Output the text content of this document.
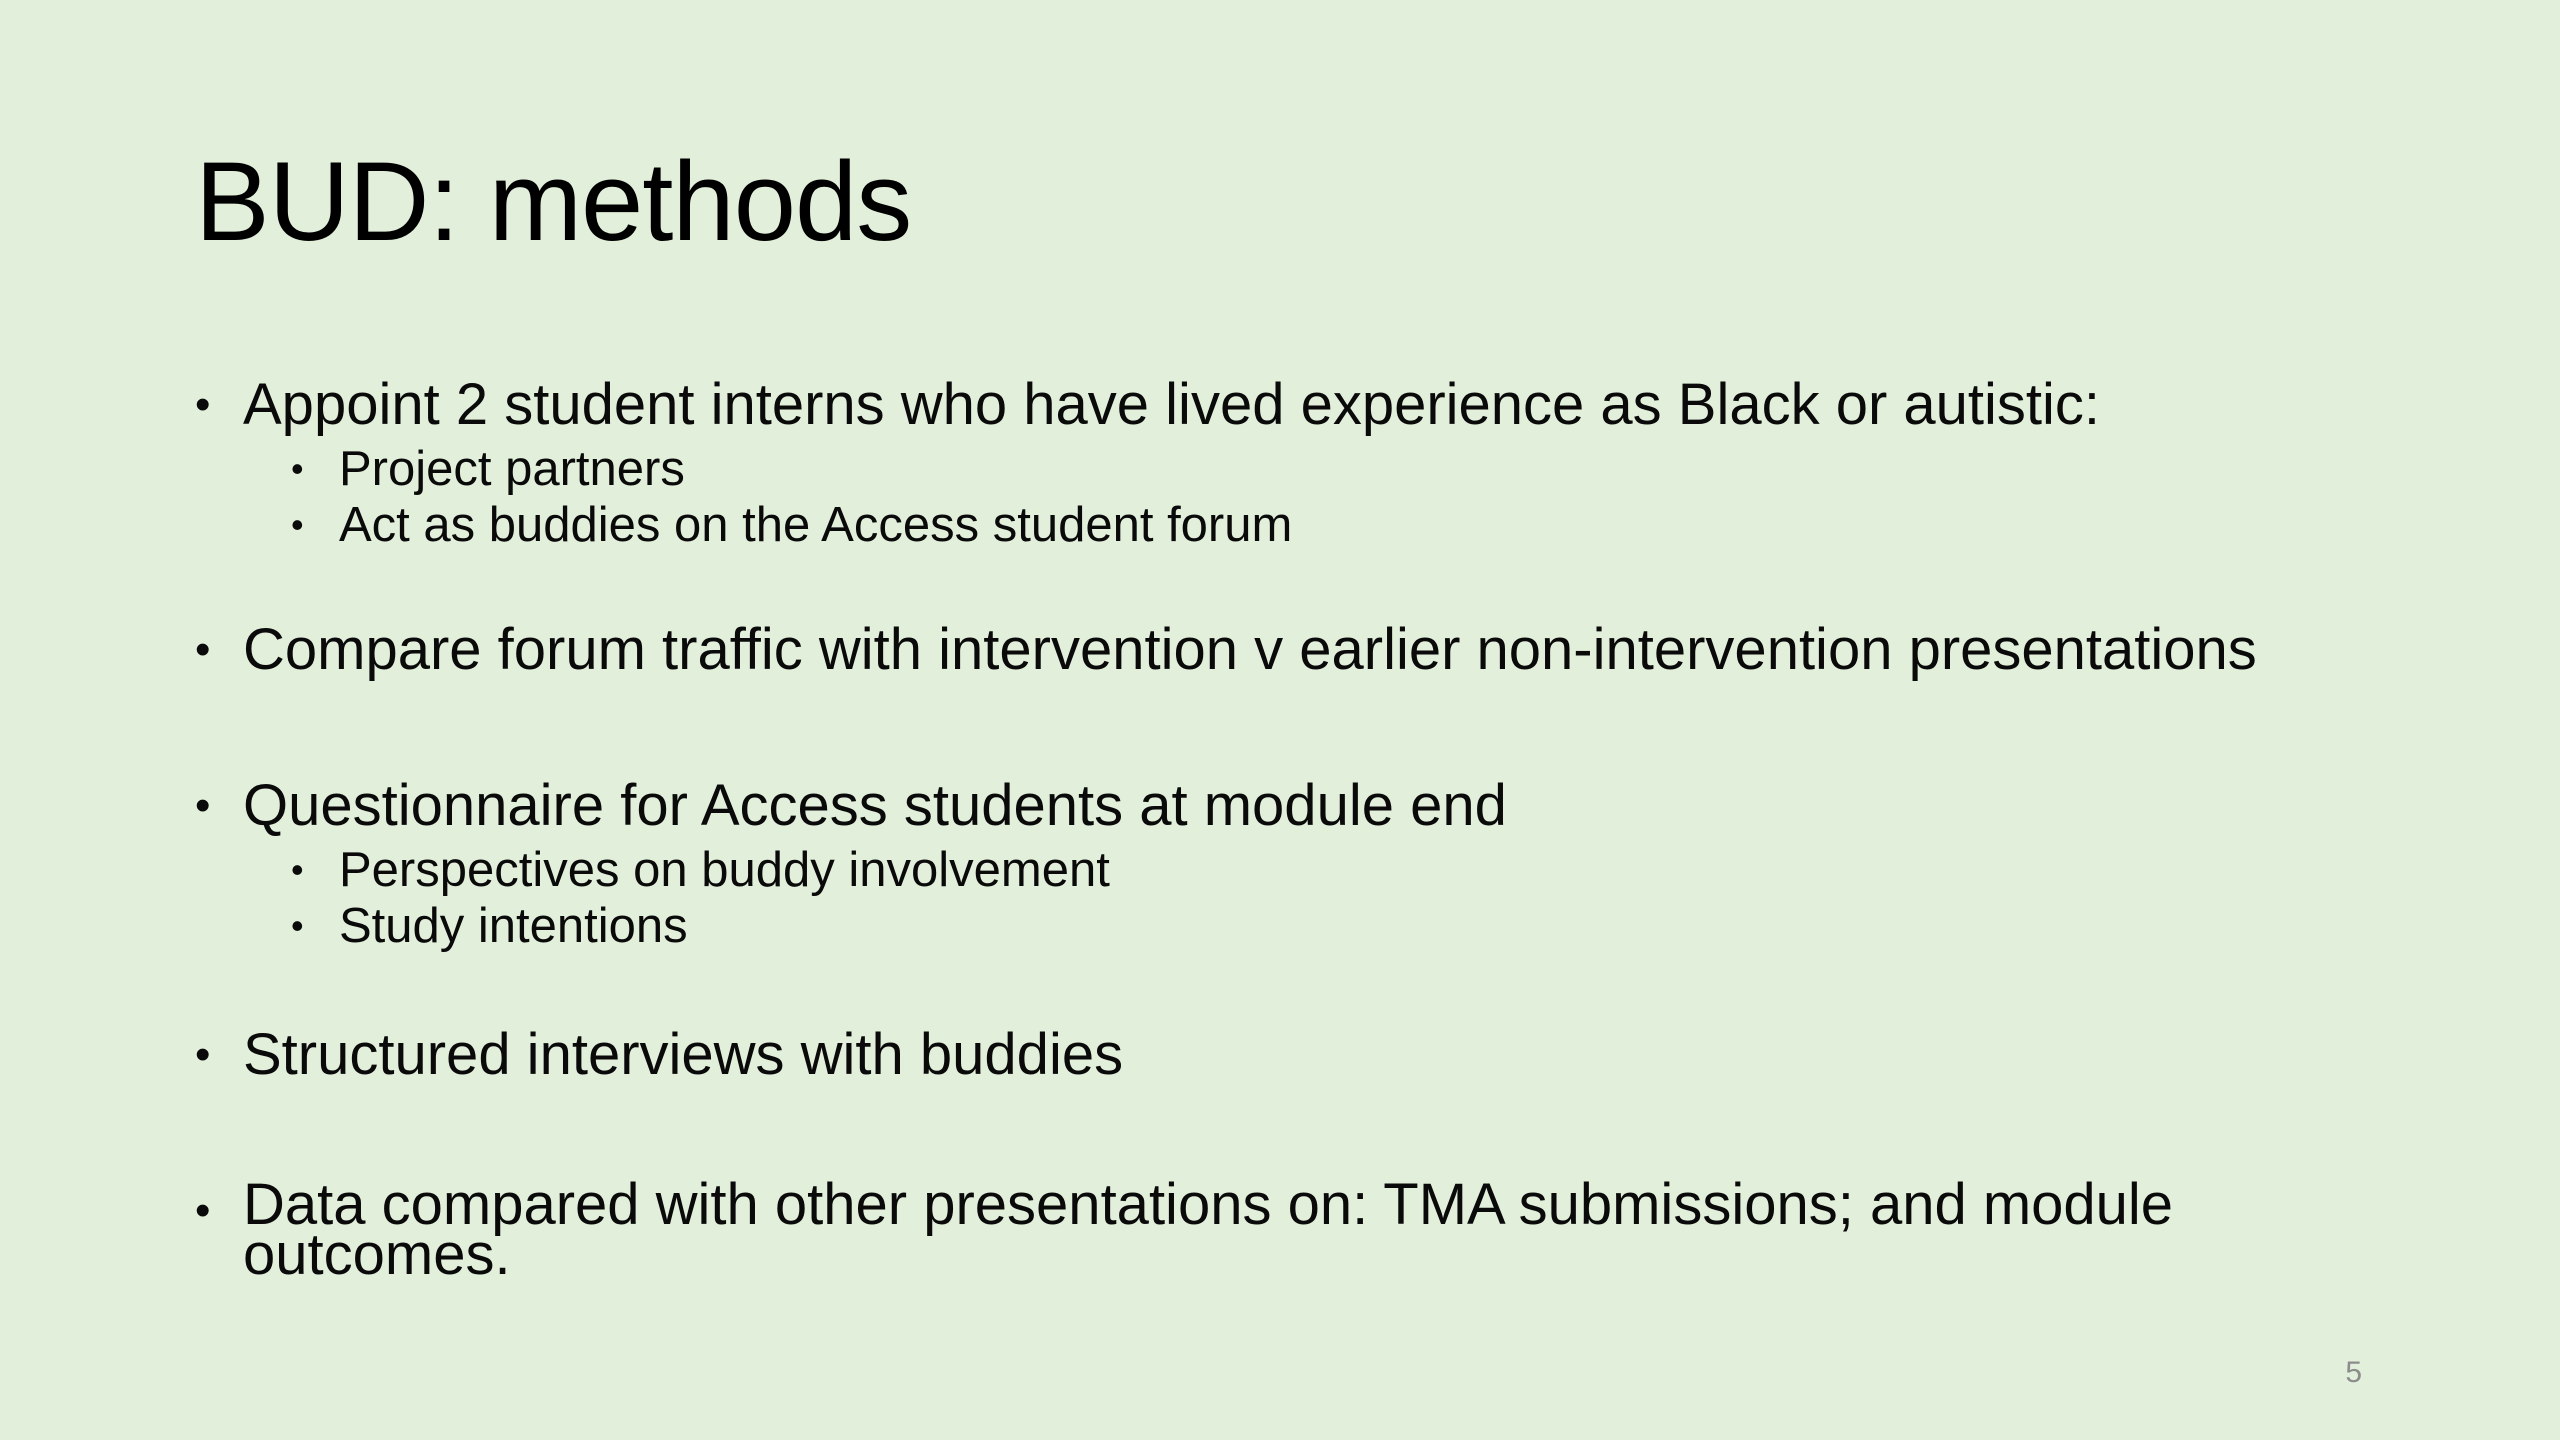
BUD: methods
• Appoint 2 student interns who have lived experience as Black or autistic:
• Project partners
• Act as buddies on the Access student forum
• Compare forum traffic with intervention v earlier non-intervention presentations
• Questionnaire for Access students at module end
• Perspectives on buddy involvement
• Study intentions
• Structured interviews with buddies
• Data compared with other presentations on: TMA submissions; and module outcomes.
5
